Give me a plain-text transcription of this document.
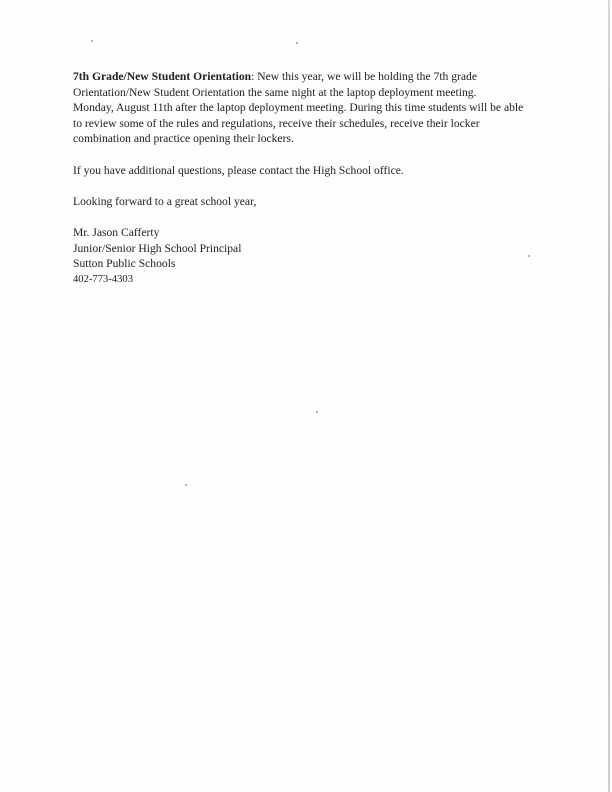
7th Grade/New Student Orientation: New this year, we will be holding the 7th grade
Orientation/New Student Orientation the same night at the laptop deployment meeting.
Monday, August 11th after the laptop deployment meeting. During this time students will be able
to review some of the rules and regulations, receive their schedules, receive their locker
combination and practice opening their lockers.

If you have additional questions, please contact the High School office.

Looking forward to a great school year,

Mr. Jason Cafferty
Junior/Senior High School Principal
Sutton Public Schools
402-773-4303
